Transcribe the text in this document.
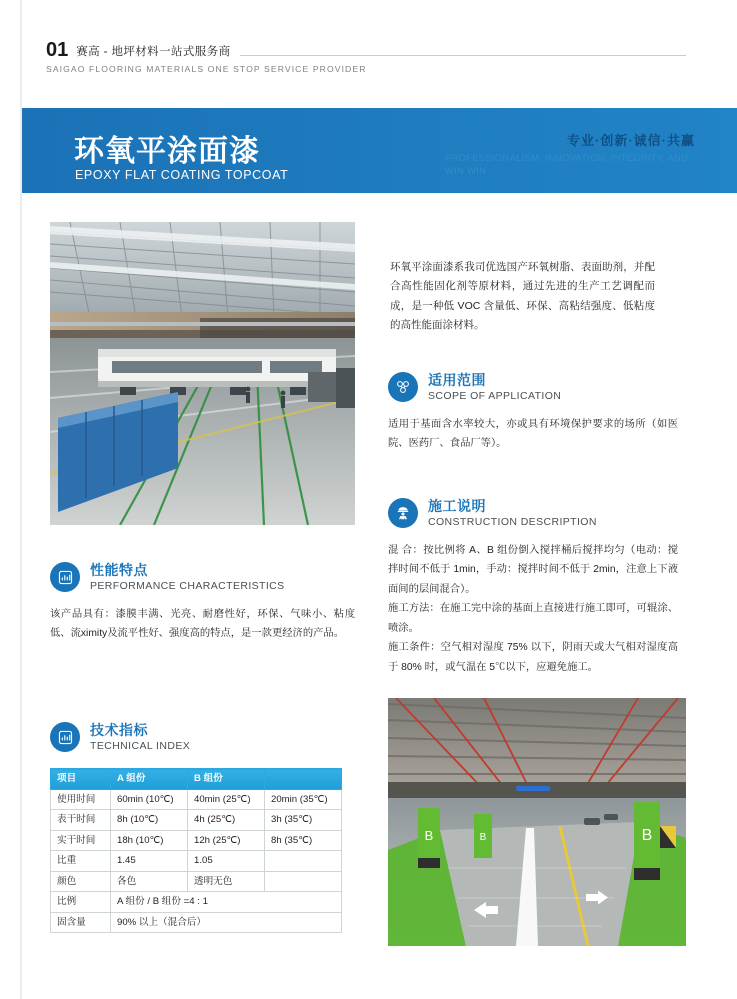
01 赛高 - 地坪材料一站式服务商
SAIGAO FLOORING MATERIALS ONE STOP SERVICE PROVIDER
环氧平涂面漆
EPOXY FLAT COATING TOPCOAT
专业·创新·诚信·共赢
PROFESSIONALISM, INNOVATION, INTEGRITY, AND WIN WIN
环氧平涂面漆系我司优选国产环氧树脂、表面助剂，并配合高性能固化剂等原材料，通过先进的生产工艺调配而成，是一种低 VOC 含量低、环保、高粘结强度、低粘度的高性能面涂材料。
适用范围
SCOPE OF APPLICATION
适用于基面含水率较大，亦或具有环境保护要求的场所（如医院、医药厂、食品厂等）。
施工说明
CONSTRUCTION DESCRIPTION
混 合：按比例将 A、B 组份倒入搅拌桶后搅拌均匀（电动：搅拌时间不低于 1min，手动：搅拌时间不低于 2min，注意上下液面间的层间混合）。
施工方法：在施工完中涂的基面上直接进行施工即可，可辊涂、喷涂。
施工条件：空气相对湿度 75% 以下，阴雨天或大气相对湿度高于 80% 时，或气温在 5℃以下，应避免施工。
性能特点
PERFORMANCE CHARACTERISTICS
该产品具有：漆膜丰满、光亮、耐磨性好，环保、气味小、粘度低、流ximity及流平性好、强度高的特点，是一款更经济的产品。
技术指标
TECHNICAL INDEX
项目	A 组份	B 组份	
使用时间	60min (10℃)	40min (25℃)	20min (35℃)
表干时间	8h (10℃)	4h (25℃)	3h (35℃)
实干时间	18h (10℃)	12h (25℃)	8h (35℃)
比重	1.45	1.05	
颜色	各色	透明无色	
比例	A 组份 / B 组份 =4 : 1		
固含量	90% 以上（混合后）		
B	B	B
